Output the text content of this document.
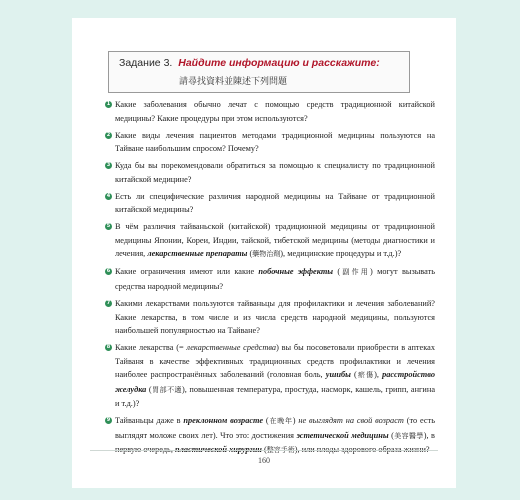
Задание 3. Найдите информацию и расскажите:
請尋找資料並陳述下列問題
1 Какие заболевания обычно лечат с помощью средств традиционной китайской медицины? Какие процедуры при этом используются?
2 Какие виды лечения пациентов методами традиционной медицины пользуются на Тайване наибольшим спросом? Почему?
3 Куда бы вы порекомендовали обратиться за помощью к специалисту по традиционной китайской медицине?
4 Есть ли специфические различия народной медицины на Тайване от традиционной китайской медицины?
5 В чём различия тайваньской (китайской) традиционной медицины от традиционной медицины Японии, Кореи, Индии, тайской, тибетской медицины (методы диагностики и лечения, лекарственные препараты (藥物治劑), медицинские процедуры и т.д.)?
6 Какие ограничения имеют или какие побочные эффекты (副作用) могут вызывать средства народной медицины?
7 Какими лекарствами пользуются тайваньцы для профилактики и лечения заболеваний? Какие лекарства, в том числе и из числа средств народной медицины, пользуются наибольшей популярностью на Тайване?
8 Какие лекарства (= лекарственные средства) вы бы посоветовали приобрести в аптеках Тайваня в качестве эффективных традиционных средств профилактики и лечения наиболее распространённых заболеваний (головная боль, ушибы (瘀傷), расстройство желудка (胃部不適), повышенная температура, простуда, насморк, кашель, грипп, ангина и т.д.)?
9 Тайваньцы даже в преклонном возрасте (在晚年) не выглядят на свой возраст (то есть выглядят моложе своих лет). Что это: достижения эстетической медицины (美容醫學), в
160
